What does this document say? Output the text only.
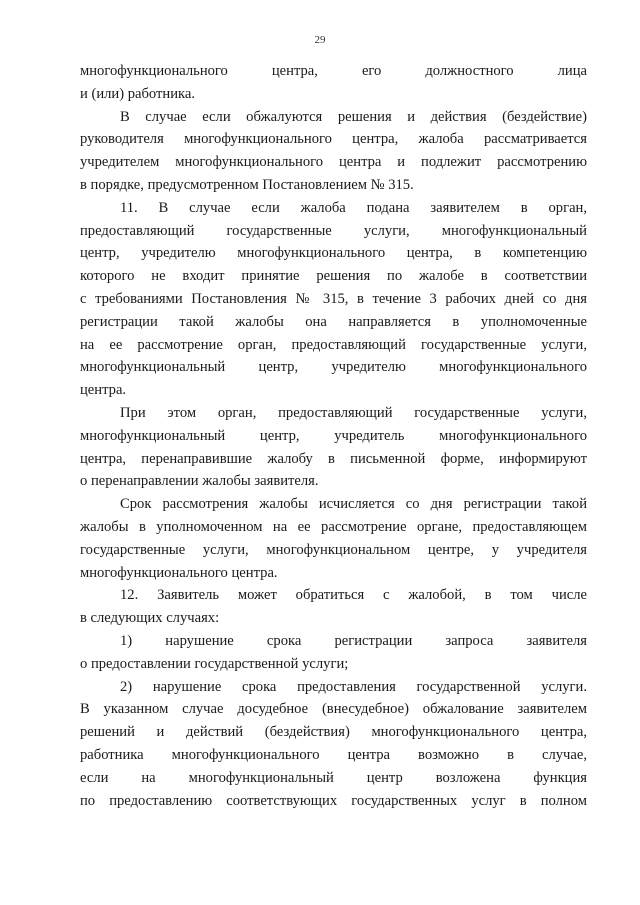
29
многофункционального центра, его должностного лица
и (или) работника.
В случае если обжалуются решения и действия (бездействие)
руководителя многофункционального центра, жалоба рассматривается
учредителем многофункционального центра и подлежит рассмотрению
в порядке, предусмотренном Постановлением № 315.
11. В случае если жалоба подана заявителем в орган,
предоставляющий государственные услуги, многофункциональный
центр, учредителю многофункционального центра, в компетенцию
которого не входит принятие решения по жалобе в соответствии
с требованиями Постановления № 315, в течение 3 рабочих дней со дня
регистрации такой жалобы она направляется в уполномоченные
на ее рассмотрение орган, предоставляющий государственные услуги,
многофункциональный центр, учредителю многофункционального
центра.
При этом орган, предоставляющий государственные услуги,
многофункциональный центр, учредитель многофункционального
центра, перенаправившие жалобу в письменной форме, информируют
о перенаправлении жалобы заявителя.
Срок рассмотрения жалобы исчисляется со дня регистрации такой
жалобы в уполномоченном на ее рассмотрение органе, предоставляющем
государственные услуги, многофункциональном центре, у учредителя
многофункционального центра.
12. Заявитель может обратиться с жалобой, в том числе
в следующих случаях:
1) нарушение срока регистрации запроса заявителя
о предоставлении государственной услуги;
2) нарушение срока предоставления государственной услуги.
В указанном случае досудебное (внесудебное) обжалование заявителем
решений и действий (бездействия) многофункционального центра,
работника многофункционального центра возможно в случае,
если на многофункциональный центр возложена функция
по предоставлению соответствующих государственных услуг в полном
